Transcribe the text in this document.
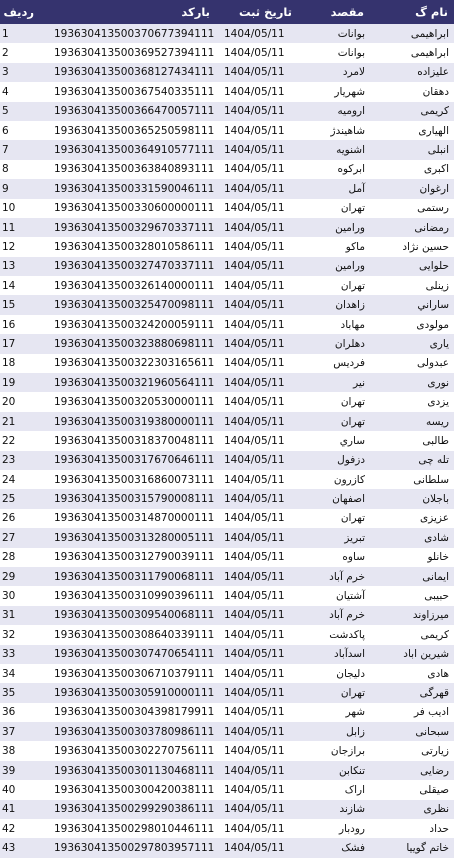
نام گ	مقصد	تاریخ ثبت	بارکد	ردیف
ابراهیمی	بوانات	1404/05/11	193630413500370677394111	1
ابراهیمی	بوانات	1404/05/11	193630413500369527394111	2
علیزاده	لامرد	1404/05/11	193630413500368127434111	3
دهقان	شهریار	1404/05/11	193630413500367540335111	4
کریمی	ارومیه	1404/05/11	193630413500366470057111	5
الهیاری	شاهیندژ	1404/05/11	193630413500365250598111	6
انبلی	اشنویه	1404/05/11	193630413500364910577111	7
اکبری	ابرکوه	1404/05/11	193630413500363840893111	8
ارغوان	آمل	1404/05/11	193630413500331590046111	9
رستمی	تهران	1404/05/11	193630413500330600000111	10
رمضانی	ورامین	1404/05/11	193630413500329670337111	11
حسین نژاد	ماکو	1404/05/11	193630413500328010586111	12
حلوایی	ورامین	1404/05/11	193630413500327470337111	13
زینلی	تهران	1404/05/11	193630413500326140000111	14
ساراني	زاهدان	1404/05/11	193630413500325470098111	15
مولودی	مهاباد	1404/05/11	193630413500324200059111	16
یاری	دهلران	1404/05/11	193630413500323880698111	17
عبدولی	فردیس	1404/05/11	193630413500322303165611	18
نوری	نیر	1404/05/11	193630413500321960564111	19
یزدی	تهران	1404/05/11	193630413500320530000111	20
ریسه	تهران	1404/05/11	193630413500319380000111	21
طالبی	ساري	1404/05/11	193630413500318370048111	22
تله چی	دزفول	1404/05/11	193630413500317670646111	23
سلطانی	کازرون	1404/05/11	193630413500316860073111	24
باجلان	اصفهان	1404/05/11	193630413500315790008111	25
عزیزی	تهران	1404/05/11	193630413500314870000111	26
شادی	تبریز	1404/05/11	193630413500313280005111	27
خانلو	ساوه	1404/05/11	193630413500312790039111	28
ایمانی	خرم آباد	1404/05/11	193630413500311790068111	29
حبیبی	آشتیان	1404/05/11	193630413500310990396111	30
میرزاوند	خرم آباد	1404/05/11	193630413500309540068111	31
کریمی	پاکدشت	1404/05/11	193630413500308640339111	32
شیرین اباد	اسدآباد	1404/05/11	193630413500307470654111	33
هادی	دلیجان	1404/05/11	193630413500306710379111	34
قهرگی	تهران	1404/05/11	193630413500305910000111	35
ادیب فر	شهر	1404/05/11	193630413500304398179911	36
سبحانی	زابل	1404/05/11	193630413500303780986111	37
زیارتی	برازجان	1404/05/11	193630413500302270756111	38
رضایی	تنکابن	1404/05/11	193630413500301130468111	39
صیقلی	اراک	1404/05/11	193630413500300420038111	40
نظری	شازند	1404/05/11	193630413500299290386111	41
حداد	رودبار	1404/05/11	193630413500298010446111	42
خاتم گوییا	فشک	1404/05/11	193630413500297803957111	43
